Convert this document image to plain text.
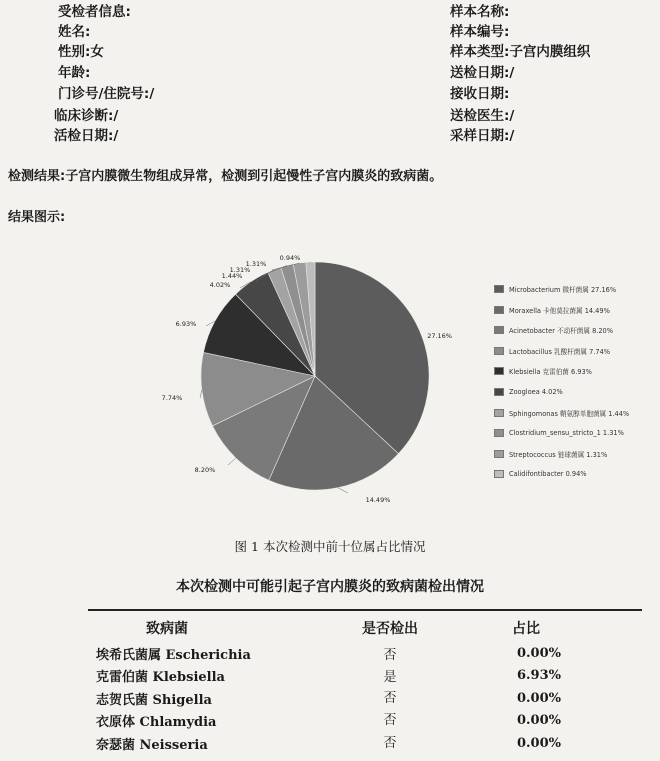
受检者信息:
姓名:
性别:女
年龄:
门诊号/住院号:/
临床诊断:/
活检日期:/
样本名称:
样本编号:
样本类型:子宫内膜组织
送检日期:/
接收日期:
送检医生:/
采样日期:/
检测结果:子宫内膜微生物组成异常，检测到引起慢性子宫内膜炎的致病菌。
结果图示:
27.16%
14.49%
8.20%
7.74%
6.93%
4.02%
1.44%
1.31%
1.31%
0.94%
Microbacterium 微杆菌属 27.16%
Moraxella 卡他莫拉菌属 14.49%
Acinetobacter 不动杆菌属 8.20%
Lactobacillus 乳酸杆菌属 7.74%
Klebsiella 克雷伯菌 6.93%
Zoogloea 4.02%
Sphingomonas 鞘氨醇单胞菌属 1.44%
Clostridium_sensu_stricto_1 1.31%
Streptococcus 链球菌属 1.31%
Calidifontibacter 0.94%
图 1 本次检测中前十位属占比情况
本次检测中可能引起子宫内膜炎的致病菌检出情况
致病菌	是否检出	占比
埃希氏菌属 Escherichia	否	0.00%
克雷伯菌 Klebsiella	是	6.93%
志贺氏菌 Shigella	否	0.00%
衣原体 Chlamydia	否	0.00%
奈瑟菌 Neisseria	否	0.00%
